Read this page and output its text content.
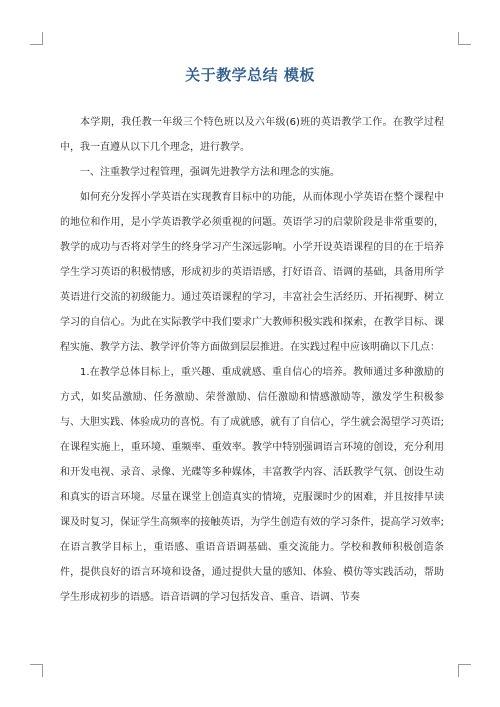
关于教学总结 模板

本学期，我任教一年级三个特色班以及六年级(6)班的英语教学工作。在教学过程中，我一直遵从以下几个理念，进行教学。

一、注重教学过程管理，强调先进教学方法和理念的实施。

如何充分发挥小学英语在实现教育目标中的功能，从而体现小学英语在整个课程中的地位和作用，是小学英语教学必须重视的问题。英语学习的启蒙阶段是非常重要的，教学的成功与否将对学生的终身学习产生深远影响。小学开设英语课程的目的在于培养学生学习英语的积极情感，形成初步的英语语感，打好语音、语调的基础，具备用所学英语进行交流的初级能力。通过英语课程的学习，丰富社会生活经历、开拓视野、树立学习的自信心。为此在实际教学中我们要求广大教师积极实践和探索，在教学目标、课程实施、教学方法、教学评价等方面做到层层推进。在实践过程中应该明确以下几点：

1.在教学总体目标上，重兴趣、重成就感、重自信心的培养。教师通过多种激励的方式，如奖品激励、任务激励、荣誉激励、信任激励和情感激励等，激发学生积极参与、大胆实践、体验成功的喜悦。有了成就感，就有了自信心，学生就会渴望学习英语;在课程实施上，重环境、重频率、重效率。教学中特别强调语言环境的创设，充分利用和开发电视、录音、录像、光碟等多种媒体，丰富教学内容、活跃教学气氛、创设生动和真实的语言环境。尽量在课堂上创造真实的情境，克服课时少的困难，并且按排早读课及时复习，保证学生高频率的接触英语，为学生创造有效的学习条件，提高学习效率;在语言教学目标上，重语感、重语音语调基础、重交流能力。学校和教师积极创造条件，提供良好的语言环境和设备，通过提供大量的感知、体验、模仿等实践活动，帮助学生形成初步的语感。语音语调的学习包括发音、重音、语调、节奏
